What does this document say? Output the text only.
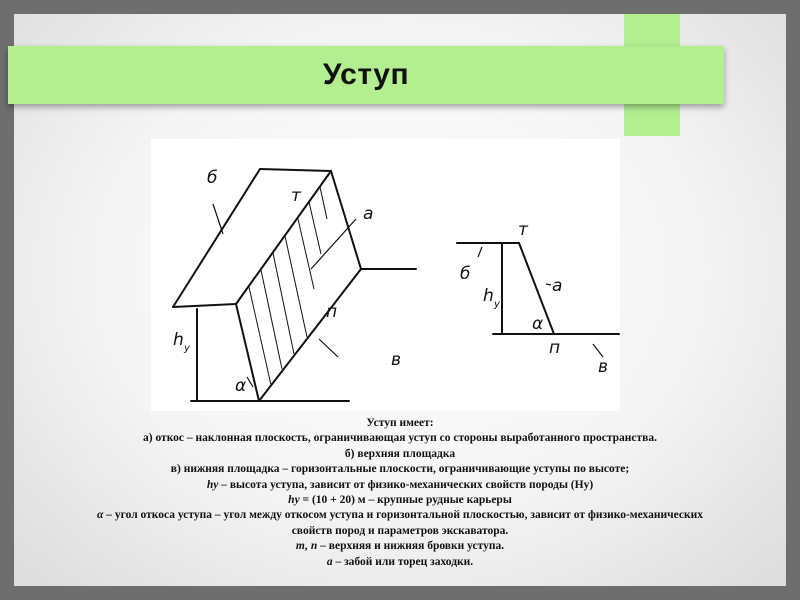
Уступ
б
т
а
п
в
h у
α
т
б
а
h у
α
п
в
Уступ имеет:
а) откос – наклонная плоскость, ограничивающая уступ со стороны выработанного пространства.
б) верхняя площадка
в) нижняя площадка – горизонтальные плоскости, ограничивающие уступы по высоте;
hy – высота уступа, зависит от физико-механических свойств породы (Ну)
hy = (10 + 20) м – крупные рудные карьеры
α – угол откоса уступа – угол между откосом уступа и горизонтальной плоскостью, зависит от физико-механических
свойств пород и параметров экскаватора.
т, п – верхняя и нижняя бровки уступа.
а – забой или торец заходки.
